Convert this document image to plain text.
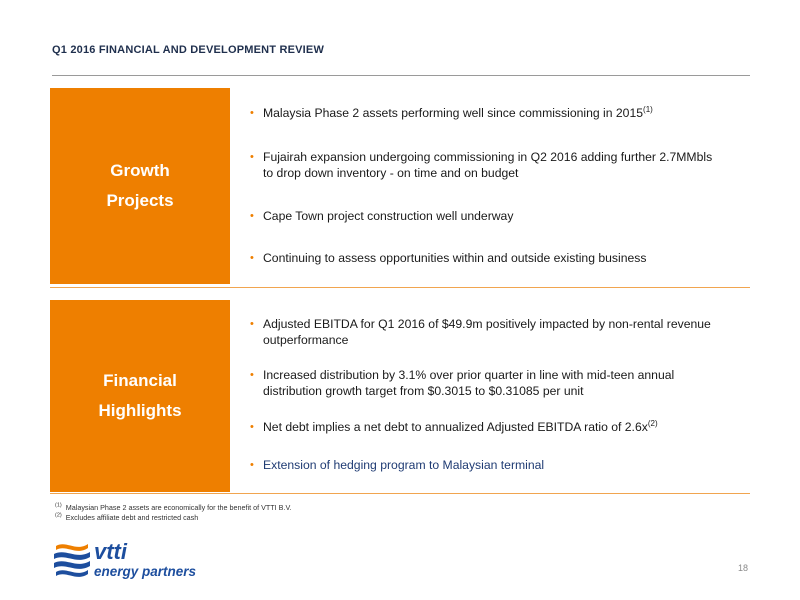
Q1 2016 FINANCIAL AND DEVELOPMENT REVIEW
Growth
Projects
• Malaysia Phase 2 assets performing well since commissioning in 2015$^{(1)}$
• Fujairah expansion undergoing commissioning in Q2 2016 adding further 2.7MMbls to drop down inventory - on time and on budget
• Cape Town project construction well underway
• Continuing to assess opportunities within and outside existing business
Financial
Highlights
• Adjusted EBITDA for Q1 2016 of $49.9m positively impacted by non-rental revenue outperformance
• Increased distribution by 3.1% over prior quarter in line with mid-teen annual distribution growth target from $0.3015 to $0.31085 per unit
• Net debt implies a net debt to annualized Adjusted EBITDA ratio of $2.6x^{(2)}$
• Extension of hedging program to Malaysian terminal
$^{(1)}$ Malaysian Phase 2 assets are economically for the benefit of VTTI B.V.
$^{(2)}$ Excludes affiliate debt and restricted cash
vtti
energy partners	18
